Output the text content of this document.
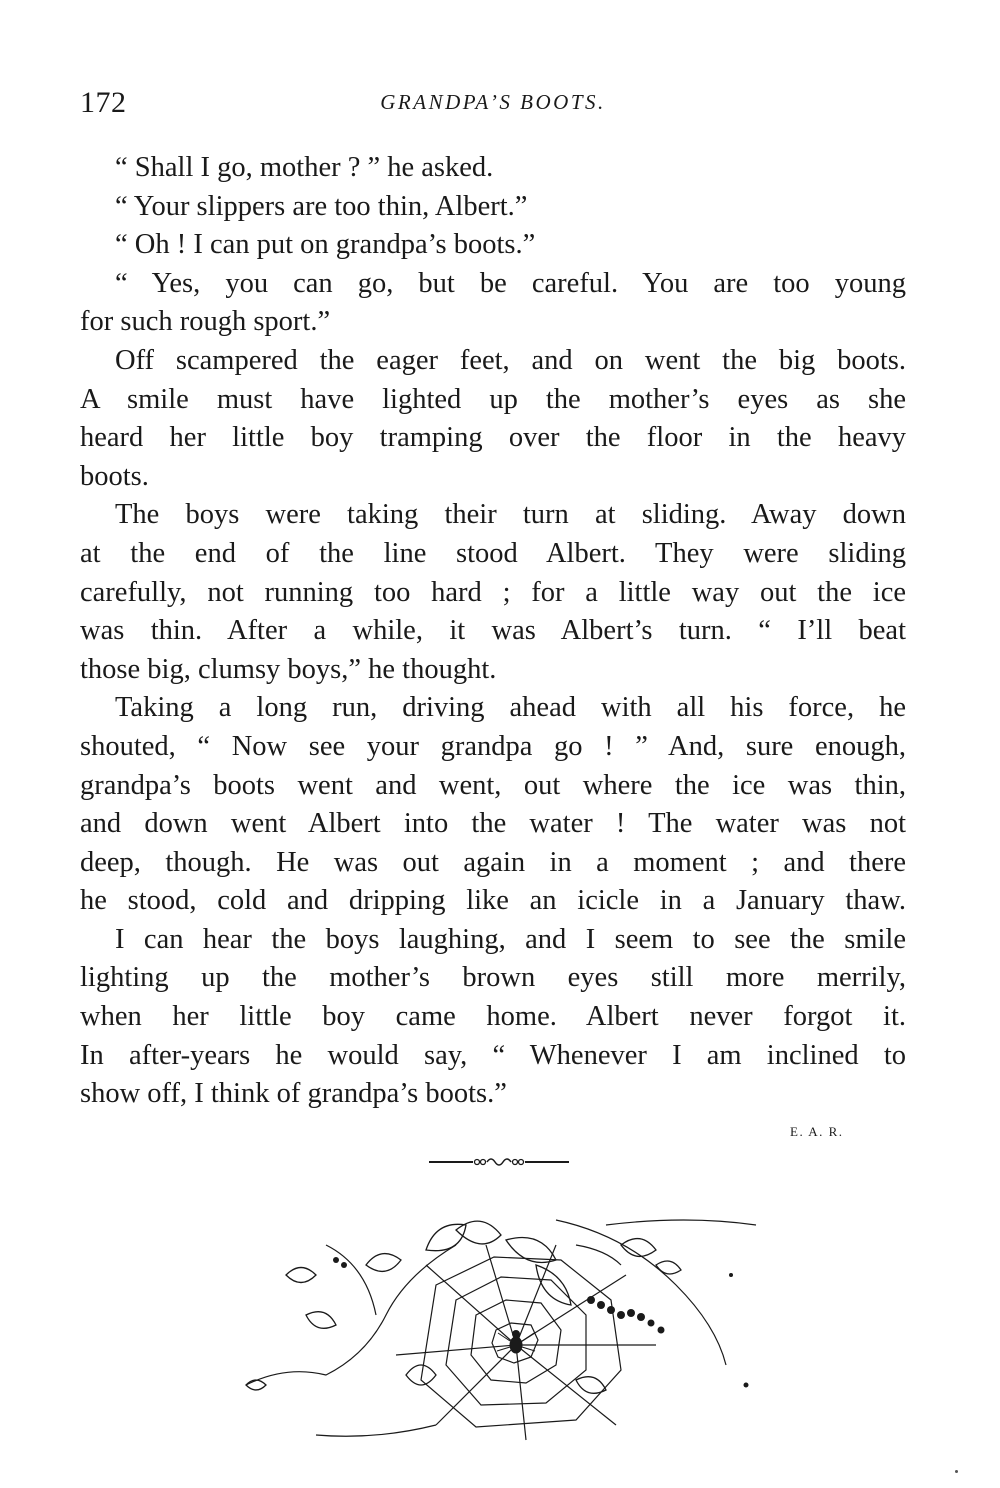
172	GRANDPA’S BOOTS.
“ Shall I go, mother ? ” he asked.
“ Your slippers are too thin, Albert.”
“ Oh ! I can put on grandpa’s boots.”
“ Yes, you can go, but be careful. You are too young
for such rough sport.”
Off scampered the eager feet, and on went the big boots.
A smile must have lighted up the mother’s eyes as she
heard her little boy tramping over the floor in the heavy
boots.
The boys were taking their turn at sliding. Away down
at the end of the line stood Albert. They were sliding
carefully, not running too hard ; for a little way out the ice
was thin. After a while, it was Albert’s turn. “ I’ll beat
those big, clumsy boys,” he thought.
Taking a long run, driving ahead with all his force, he
shouted, “ Now see your grandpa go ! ” And, sure enough,
grandpa’s boots went and went, out where the ice was thin,
and down went Albert into the water ! The water was not
deep, though. He was out again in a moment ; and there
he stood, cold and dripping like an icicle in a January thaw.
I can hear the boys laughing, and I seem to see the smile
lighting up the mother’s brown eyes still more merrily,
when her little boy came home. Albert never forgot it.
In after-years he would say, “ Whenever I am inclined to
show off, I think of grandpa’s boots.”
E. A. R.
